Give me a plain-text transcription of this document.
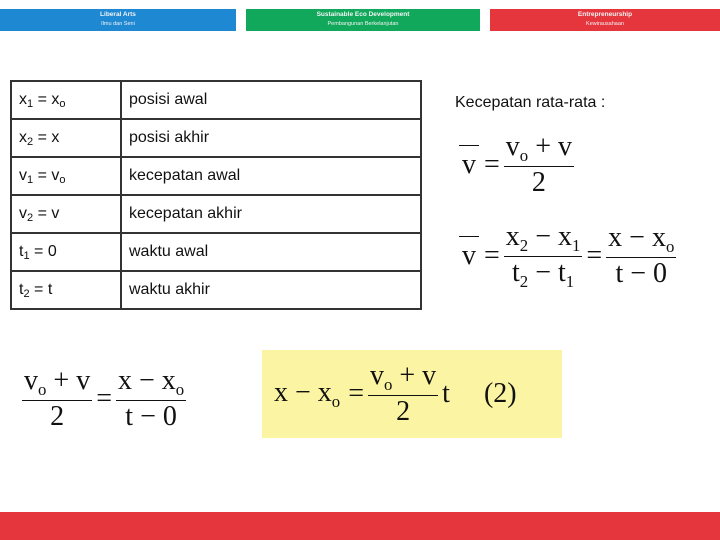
Liberal Arts
Ilmu dan Seni
Sustainable Eco Development
Pembangunan Berkelanjutan
Entrepreneurship
Kewirausahaan
$x_1 = x_o$	posisi awal
$x_2 = x$	posisi akhir
$v_1 = v_o$	kecepatan awal
$v_2 = v$	kecepatan akhir
$t_1 = 0$	waktu awal
$t_2 = t$	waktu akhir
Kecepatan rata-rata :
$v = \frac{v_o + v}{2}$
$v = \frac{x_2 - x_1}{t_2 - t_1} = \frac{x - x_o}{t - 0}$
$\frac{v_o + v}{2} = \frac{x - x_o}{t - 0}$	$x - x_o = \frac{v_o + v}{2}$ t (2)
